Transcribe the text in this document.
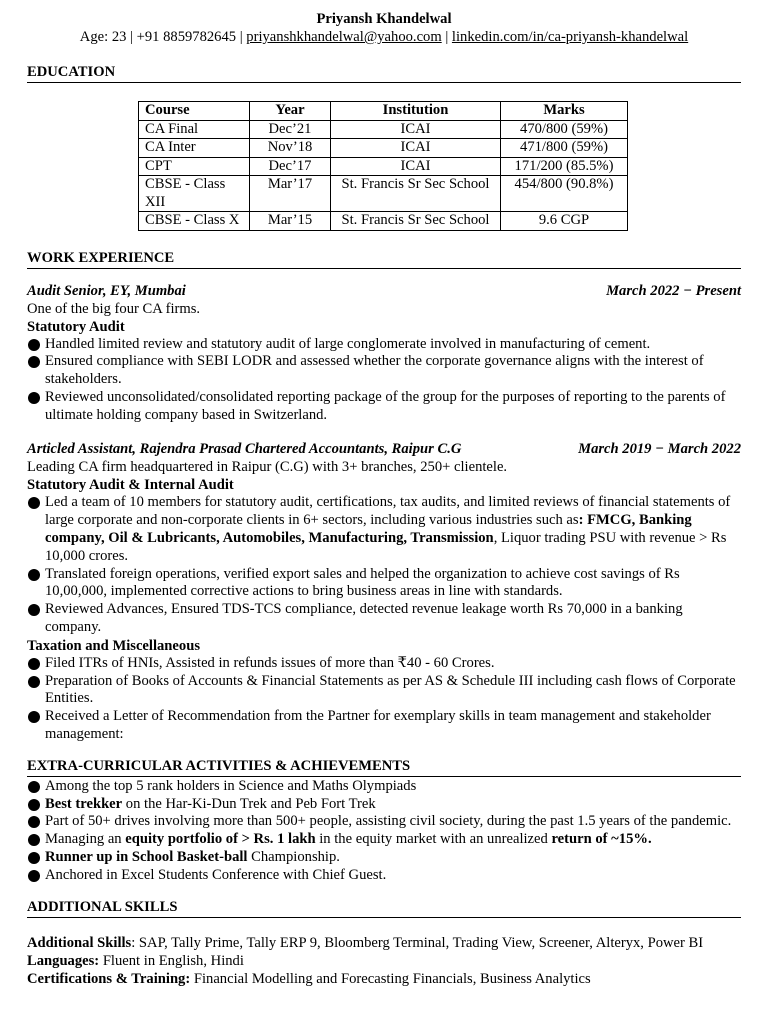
Priyansh Khandelwal
Age: 23 | +91 8859782645 | priyanshkhandelwal@yahoo.com | linkedin.com/in/ca-priyansh-khandelwal
EDUCATION
Course	Year	Institution	Marks
CA Final	Dec’21	ICAI	470/800 (59%)
CA Inter	Nov’18	ICAI	471/800 (59%)
CPT	Dec’17	ICAI	171/200 (85.5%)
CBSE - Class XII	Mar’17	St. Francis Sr Sec School	454/800 (90.8%)
CBSE - Class X	Mar’15	St. Francis Sr Sec School	9.6 CGP
WORK EXPERIENCE
Audit Senior, EY, Mumbai	March 2022 − Present
One of the big four CA firms.
Statutory Audit
Handled limited review and statutory audit of large conglomerate involved in manufacturing of cement.
Ensured compliance with SEBI LODR and assessed whether the corporate governance aligns with the interest of stakeholders.
Reviewed unconsolidated/consolidated reporting package of the group for the purposes of reporting to the parents of ultimate holding company based in Switzerland.
Articled Assistant, Rajendra Prasad Chartered Accountants, Raipur C.G	March 2019 − March 2022
Leading CA firm headquartered in Raipur (C.G) with 3+ branches, 250+ clientele.
Statutory Audit & Internal Audit
Led a team of 10 members for statutory audit, certifications, tax audits, and limited reviews of financial statements of large corporate and non-corporate clients in 6+ sectors, including various industries such as: FMCG, Banking company, Oil & Lubricants, Automobiles, Manufacturing, Transmission, Liquor trading PSU with revenue > Rs 10,000 crores.
Translated foreign operations, verified export sales and helped the organization to achieve cost savings of Rs 10,00,000, implemented corrective actions to bring business areas in line with standards.
Reviewed Advances, Ensured TDS-TCS compliance, detected revenue leakage worth Rs 70,000 in a banking company.
Taxation and Miscellaneous
Filed ITRs of HNIs, Assisted in refunds issues of more than ₹40 - 60 Crores.
Preparation of Books of Accounts & Financial Statements as per AS & Schedule III including cash flows of Corporate Entities.
Received a Letter of Recommendation from the Partner for exemplary skills in team management and stakeholder management:
EXTRA-CURRICULAR ACTIVITIES & ACHIEVEMENTS
Among the top 5 rank holders in Science and Maths Olympiads
Best trekker on the Har-Ki-Dun Trek and Peb Fort Trek
Part of 50+ drives involving more than 500+ people, assisting civil society, during the past 1.5 years of the pandemic.
Managing an equity portfolio of > Rs. 1 lakh in the equity market with an unrealized return of ~15%.
Runner up in School Basket-ball Championship.
Anchored in Excel Students Conference with Chief Guest.
ADDITIONAL SKILLS
Additional Skills: SAP, Tally Prime, Tally ERP 9, Bloomberg Terminal, Trading View, Screener, Alteryx, Power BI
Languages: Fluent in English, Hindi
Certifications & Training: Financial Modelling and Forecasting Financials, Business Analytics
